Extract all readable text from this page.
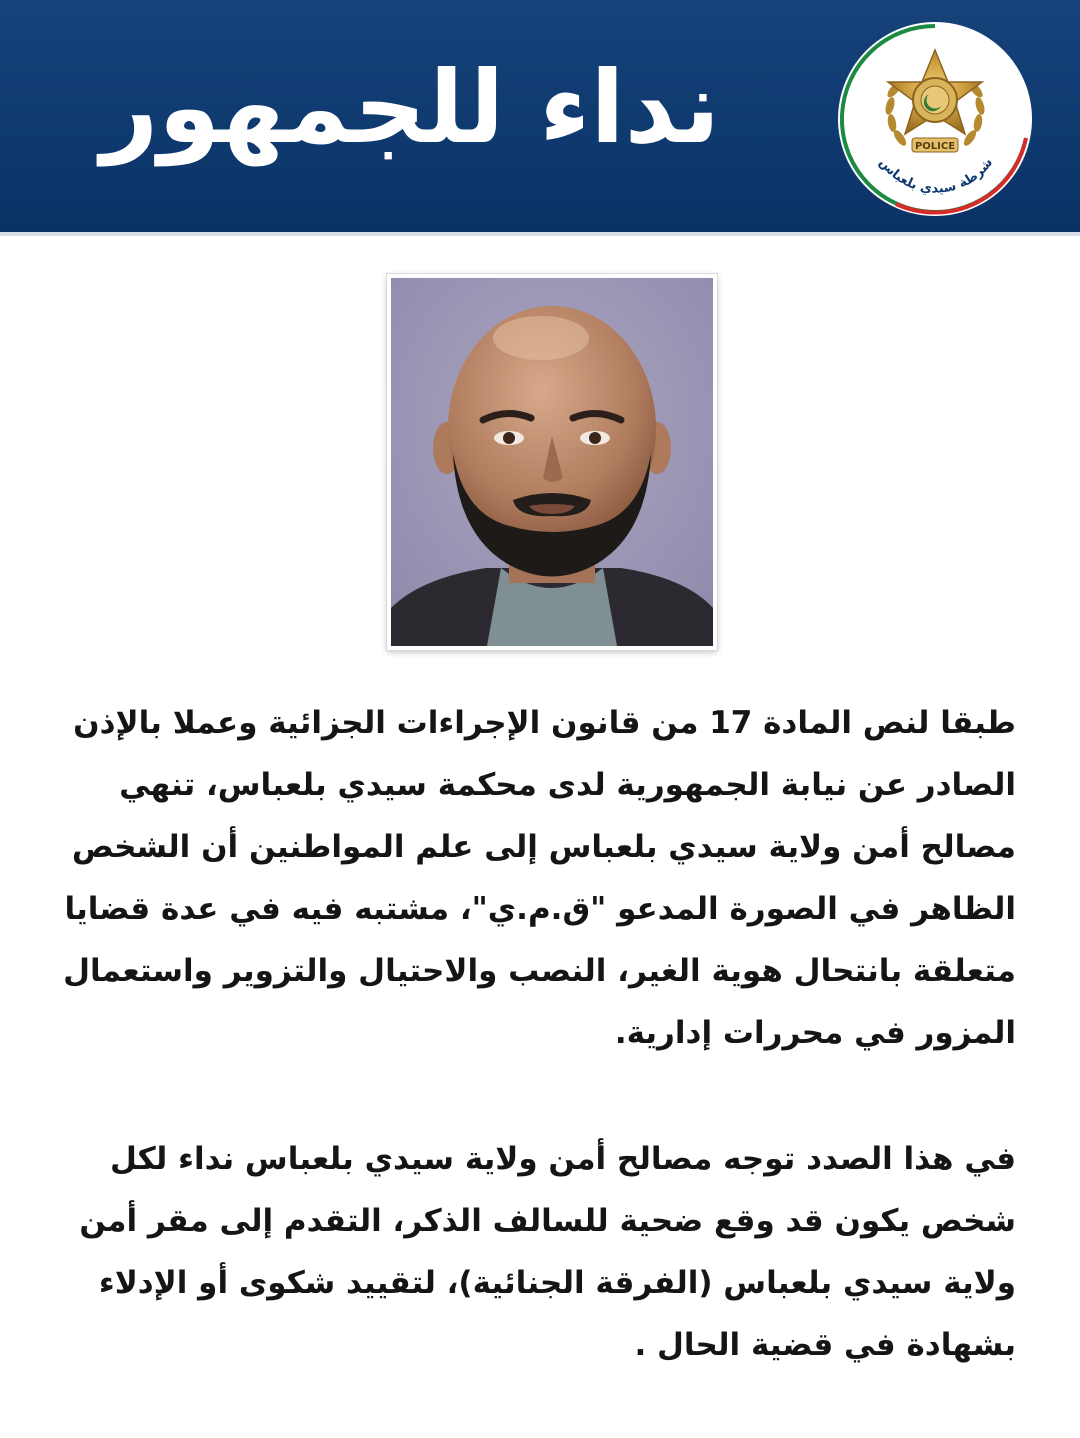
نداء للجمهور	POLICE
شرطة سيدي بلعباس
طبقا لنص المادة 17 من قانون الإجراءات الجزائية وعملا بالإذن
الصادر عن نيابة الجمهورية لدى محكمة سيدي بلعباس، تنهي
مصالح أمن ولاية سيدي بلعباس إلى علم المواطنين أن الشخص
الظاهر في الصورة المدعو "ق.م.ي"، مشتبه فيه في عدة قضايا
متعلقة بانتحال هوية الغير، النصب والاحتيال والتزوير واستعمال
المزور في محررات إدارية.
في هذا الصدد توجه مصالح أمن ولاية سيدي بلعباس نداء لكل
شخص يكون قد وقع ضحية للسالف الذكر، التقدم إلى مقر أمن
ولاية سيدي بلعباس (الفرقة الجنائية)، لتقييد شكوى أو الإدلاء
بشهادة في قضية الحال .
